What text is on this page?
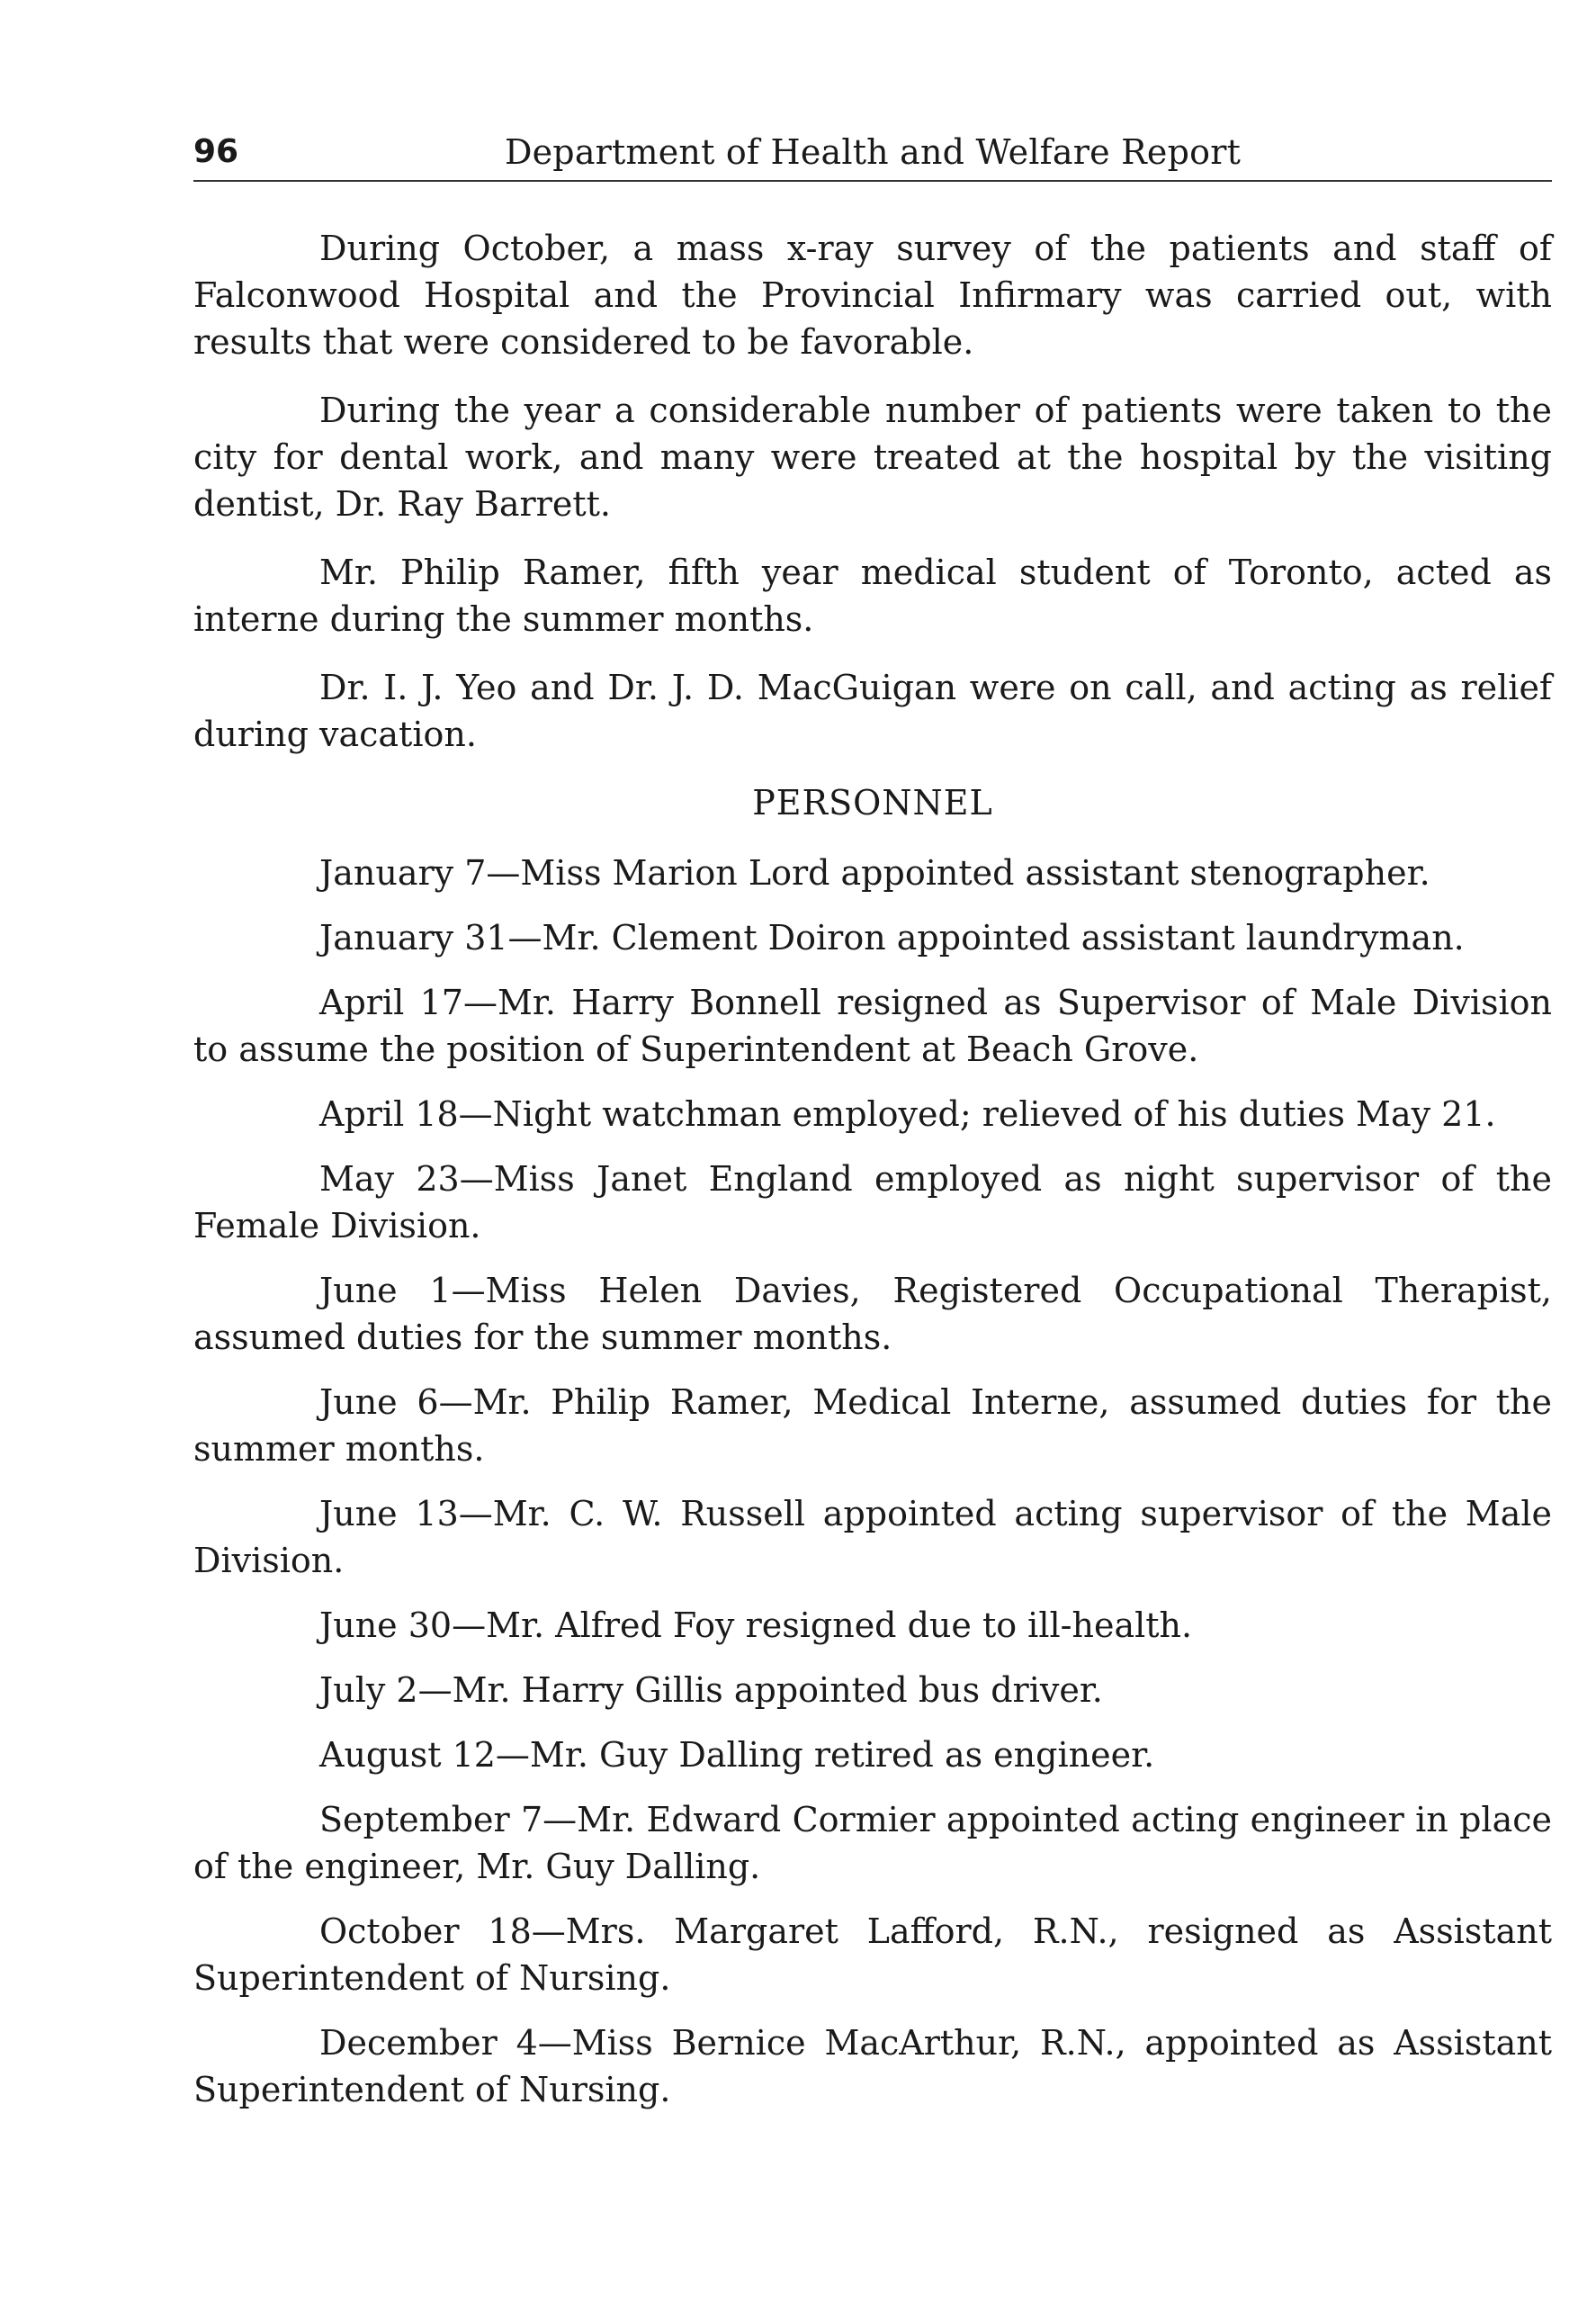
96	Department of Health and Welfare Report

During October, a mass x-ray survey of the patients and staff of Falconwood Hospital and the Provincial Infirmary was carried out, with results that were considered to be favorable.

During the year a considerable number of patients were taken to the city for dental work, and many were treated at the hospital by the visiting dentist, Dr. Ray Barrett.

Mr. Philip Ramer, fifth year medical student of Toronto, acted as interne during the summer months.

Dr. I. J. Yeo and Dr. J. D. MacGuigan were on call, and acting as relief during vacation.

PERSONNEL

January 7—Miss Marion Lord appointed assistant stenographer.

January 31—Mr. Clement Doiron appointed assistant laundryman.

April 17—Mr. Harry Bonnell resigned as Supervisor of Male Division to assume the position of Superintendent at Beach Grove.

April 18—Night watchman employed; relieved of his duties May 21.

May 23—Miss Janet England employed as night supervisor of the Female Division.

June 1—Miss Helen Davies, Registered Occupational Therapist, assumed duties for the summer months.

June 6—Mr. Philip Ramer, Medical Interne, assumed duties for the summer months.

June 13—Mr. C. W. Russell appointed acting supervisor of the Male Division.

June 30—Mr. Alfred Foy resigned due to ill-health.

July 2—Mr. Harry Gillis appointed bus driver.

August 12—Mr. Guy Dalling retired as engineer.

September 7—Mr. Edward Cormier appointed acting engineer in place of the engineer, Mr. Guy Dalling.

October 18—Mrs. Margaret Lafford, R.N., resigned as Assistant Superintendent of Nursing.

December 4—Miss Bernice MacArthur, R.N., appointed as Assistant Superintendent of Nursing.
